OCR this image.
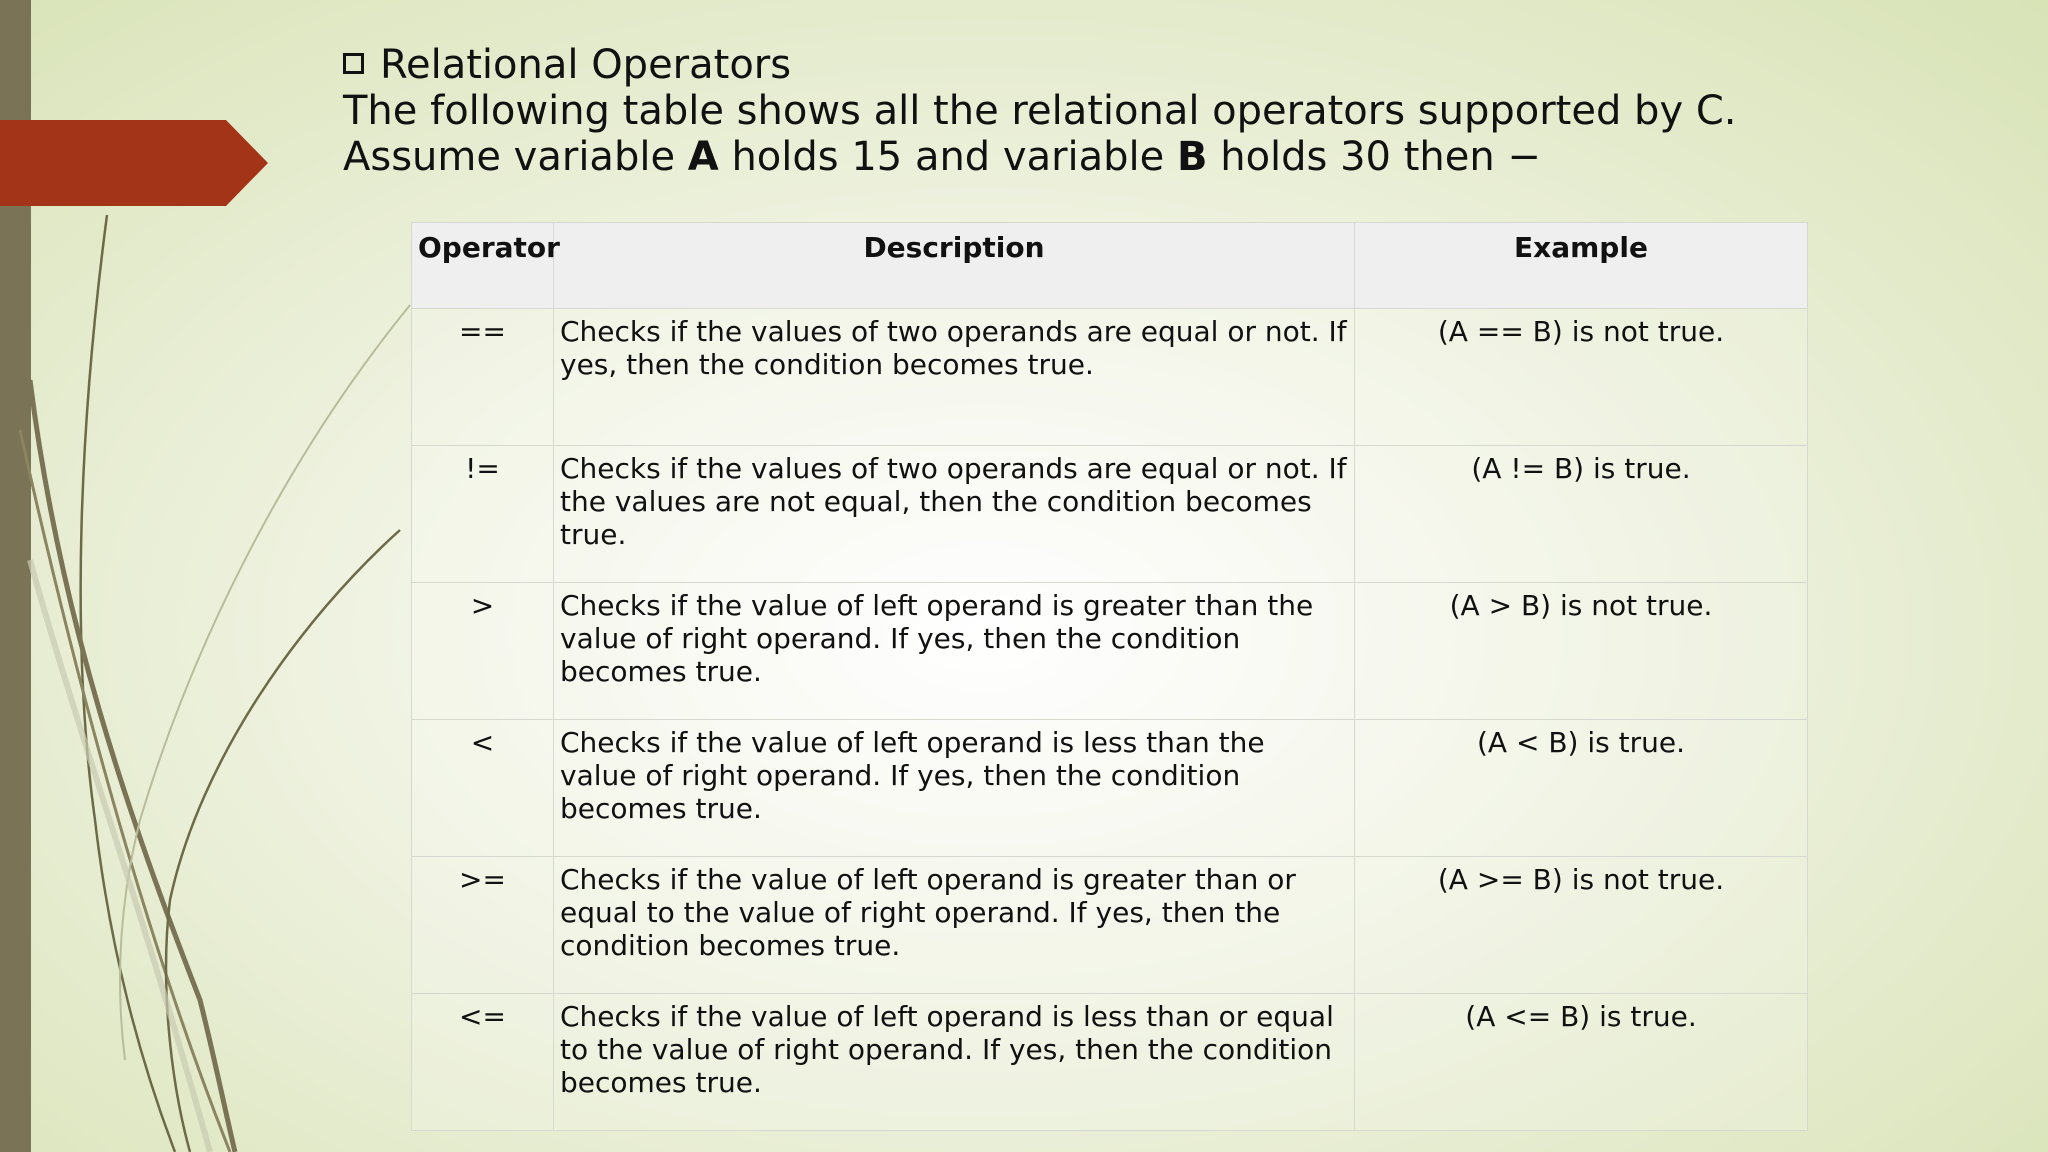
Relational Operators
The following table shows all the relational operators supported by C. Assume variable A holds 15 and variable B holds 30 then −
Operator	Description	Example
==	Checks if the values of two operands are equal or not. If yes, then the condition becomes true.	(A == B) is not true.
!=	Checks if the values of two operands are equal or not. If the values are not equal, then the condition becomes true.	(A != B) is true.
>	Checks if the value of left operand is greater than the value of right operand. If yes, then the condition becomes true.	(A > B) is not true.
<	Checks if the value of left operand is less than the value of right operand. If yes, then the condition becomes true.	(A < B) is true.
>=	Checks if the value of left operand is greater than or equal to the value of right operand. If yes, then the condition becomes true.	(A >= B) is not true.
<=	Checks if the value of left operand is less than or equal to the value of right operand. If yes, then the condition becomes true.	(A <= B) is true.
